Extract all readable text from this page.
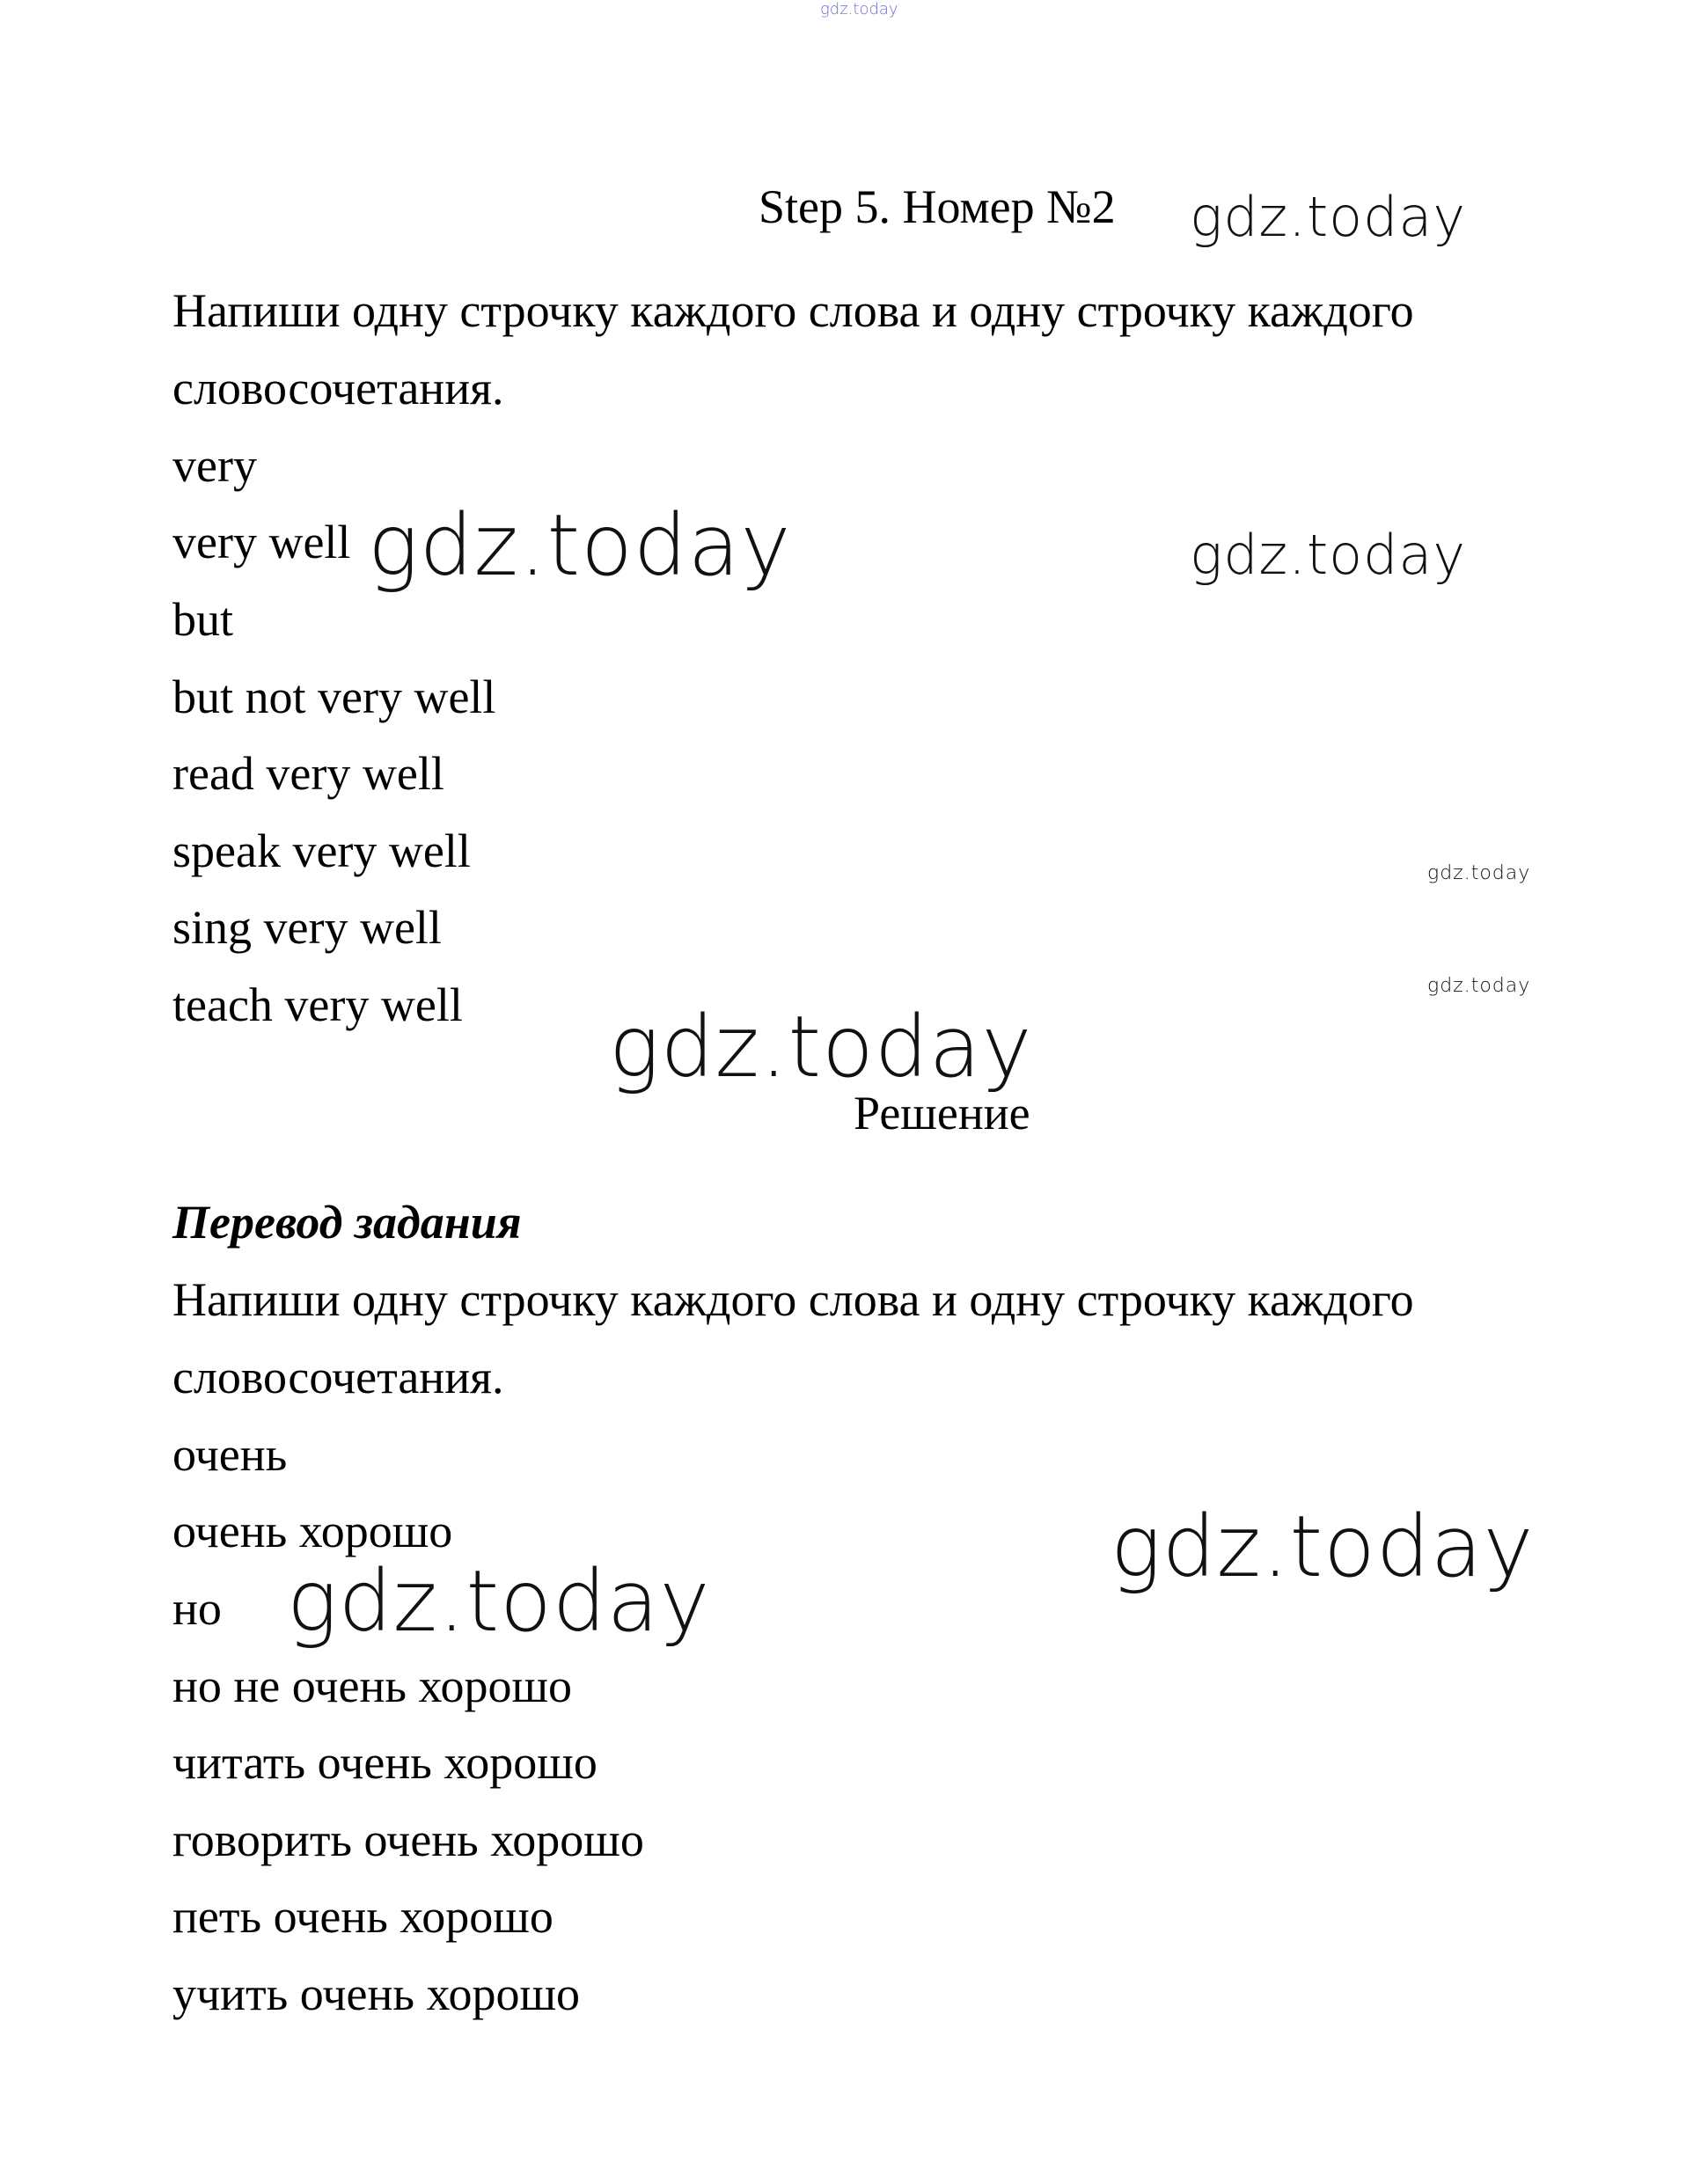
gdz.today
gdz.today
gdz.today	gdz.today
gdz.today
gdz.today
gdz.today
gdz.today
gdz.today
Step 5. Номер №2
Напиши одну строчку каждого слова и одну строчку каждого
словосочетания.
very
very well
but
but not very well
read very well
speak very well
sing very well
teach very well
Решение
Перевод задания
Напиши одну строчку каждого слова и одну строчку каждого
словосочетания.
очень
очень хорошо
но
но не очень хорошо
читать очень хорошо
говорить очень хорошо
петь очень хорошо
учить очень хорошо
